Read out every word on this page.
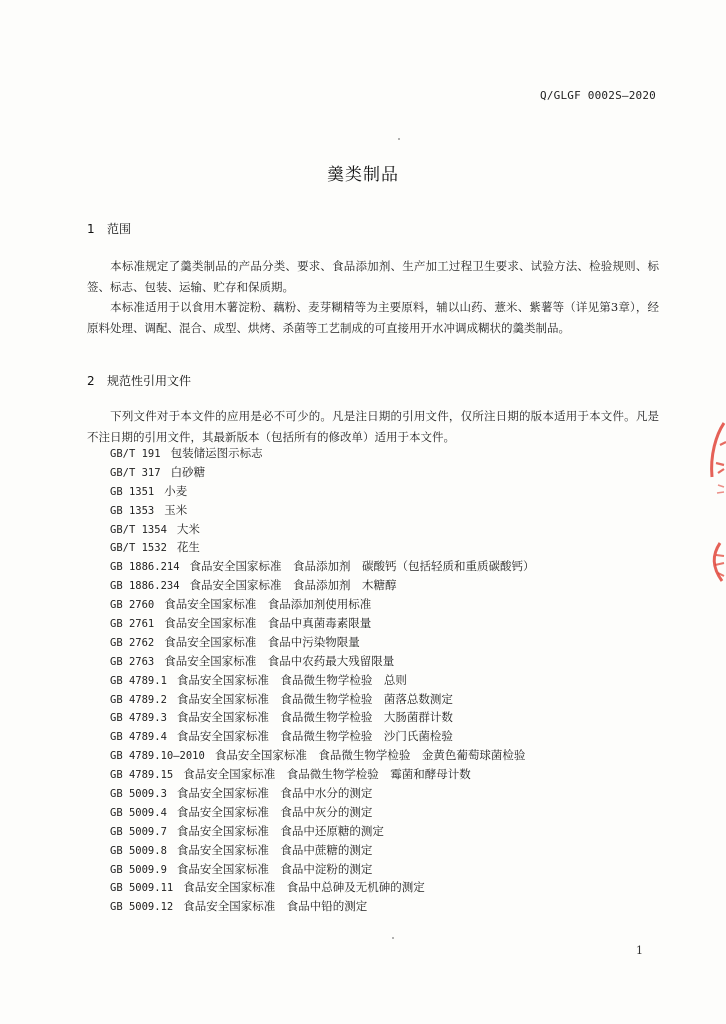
Q/GLGF 0002S—2020
羹类制品
1 范围
本标准规定了羹类制品的产品分类、要求、食品添加剂、生产加工过程卫生要求、试验方法、检验规则、标签、标志、包装、运输、贮存和保质期。
本标准适用于以食用木薯淀粉、藕粉、麦芽糊精等为主要原料，辅以山药、薏米、紫薯等（详见第3章），经原料处理、调配、混合、成型、烘烤、杀菌等工艺制成的可直接用开水冲调成糊状的羹类制品。
2 规范性引用文件
下列文件对于本文件的应用是必不可少的。凡是注日期的引用文件，仅所注日期的版本适用于本文件。凡是不注日期的引用文件，其最新版本（包括所有的修改单）适用于本文件。
GB/T 191 包装储运图示标志
GB/T 317 白砂糖
GB 1351 小麦
GB 1353 玉米
GB/T 1354 大米
GB/T 1532 花生
GB 1886.214 食品安全国家标准　食品添加剂　碳酸钙（包括轻质和重质碳酸钙）
GB 1886.234 食品安全国家标准　食品添加剂　木糖醇
GB 2760 食品安全国家标准　食品添加剂使用标准
GB 2761 食品安全国家标准　食品中真菌毒素限量
GB 2762 食品安全国家标准　食品中污染物限量
GB 2763 食品安全国家标准　食品中农药最大残留限量
GB 4789.1 食品安全国家标准　食品微生物学检验　总则
GB 4789.2 食品安全国家标准　食品微生物学检验　菌落总数测定
GB 4789.3 食品安全国家标准　食品微生物学检验　大肠菌群计数
GB 4789.4 食品安全国家标准　食品微生物学检验　沙门氏菌检验
GB 4789.10—2010 食品安全国家标准　食品微生物学检验　金黄色葡萄球菌检验
GB 4789.15 食品安全国家标准　食品微生物学检验　霉菌和酵母计数
GB 5009.3 食品安全国家标准　食品中水分的测定
GB 5009.4 食品安全国家标准　食品中灰分的测定
GB 5009.7 食品安全国家标准　食品中还原糖的测定
GB 5009.8 食品安全国家标准　食品中蔗糖的测定
GB 5009.9 食品安全国家标准　食品中淀粉的测定
GB 5009.11 食品安全国家标准　食品中总砷及无机砷的测定
GB 5009.12 食品安全国家标准　食品中铅的测定
1
